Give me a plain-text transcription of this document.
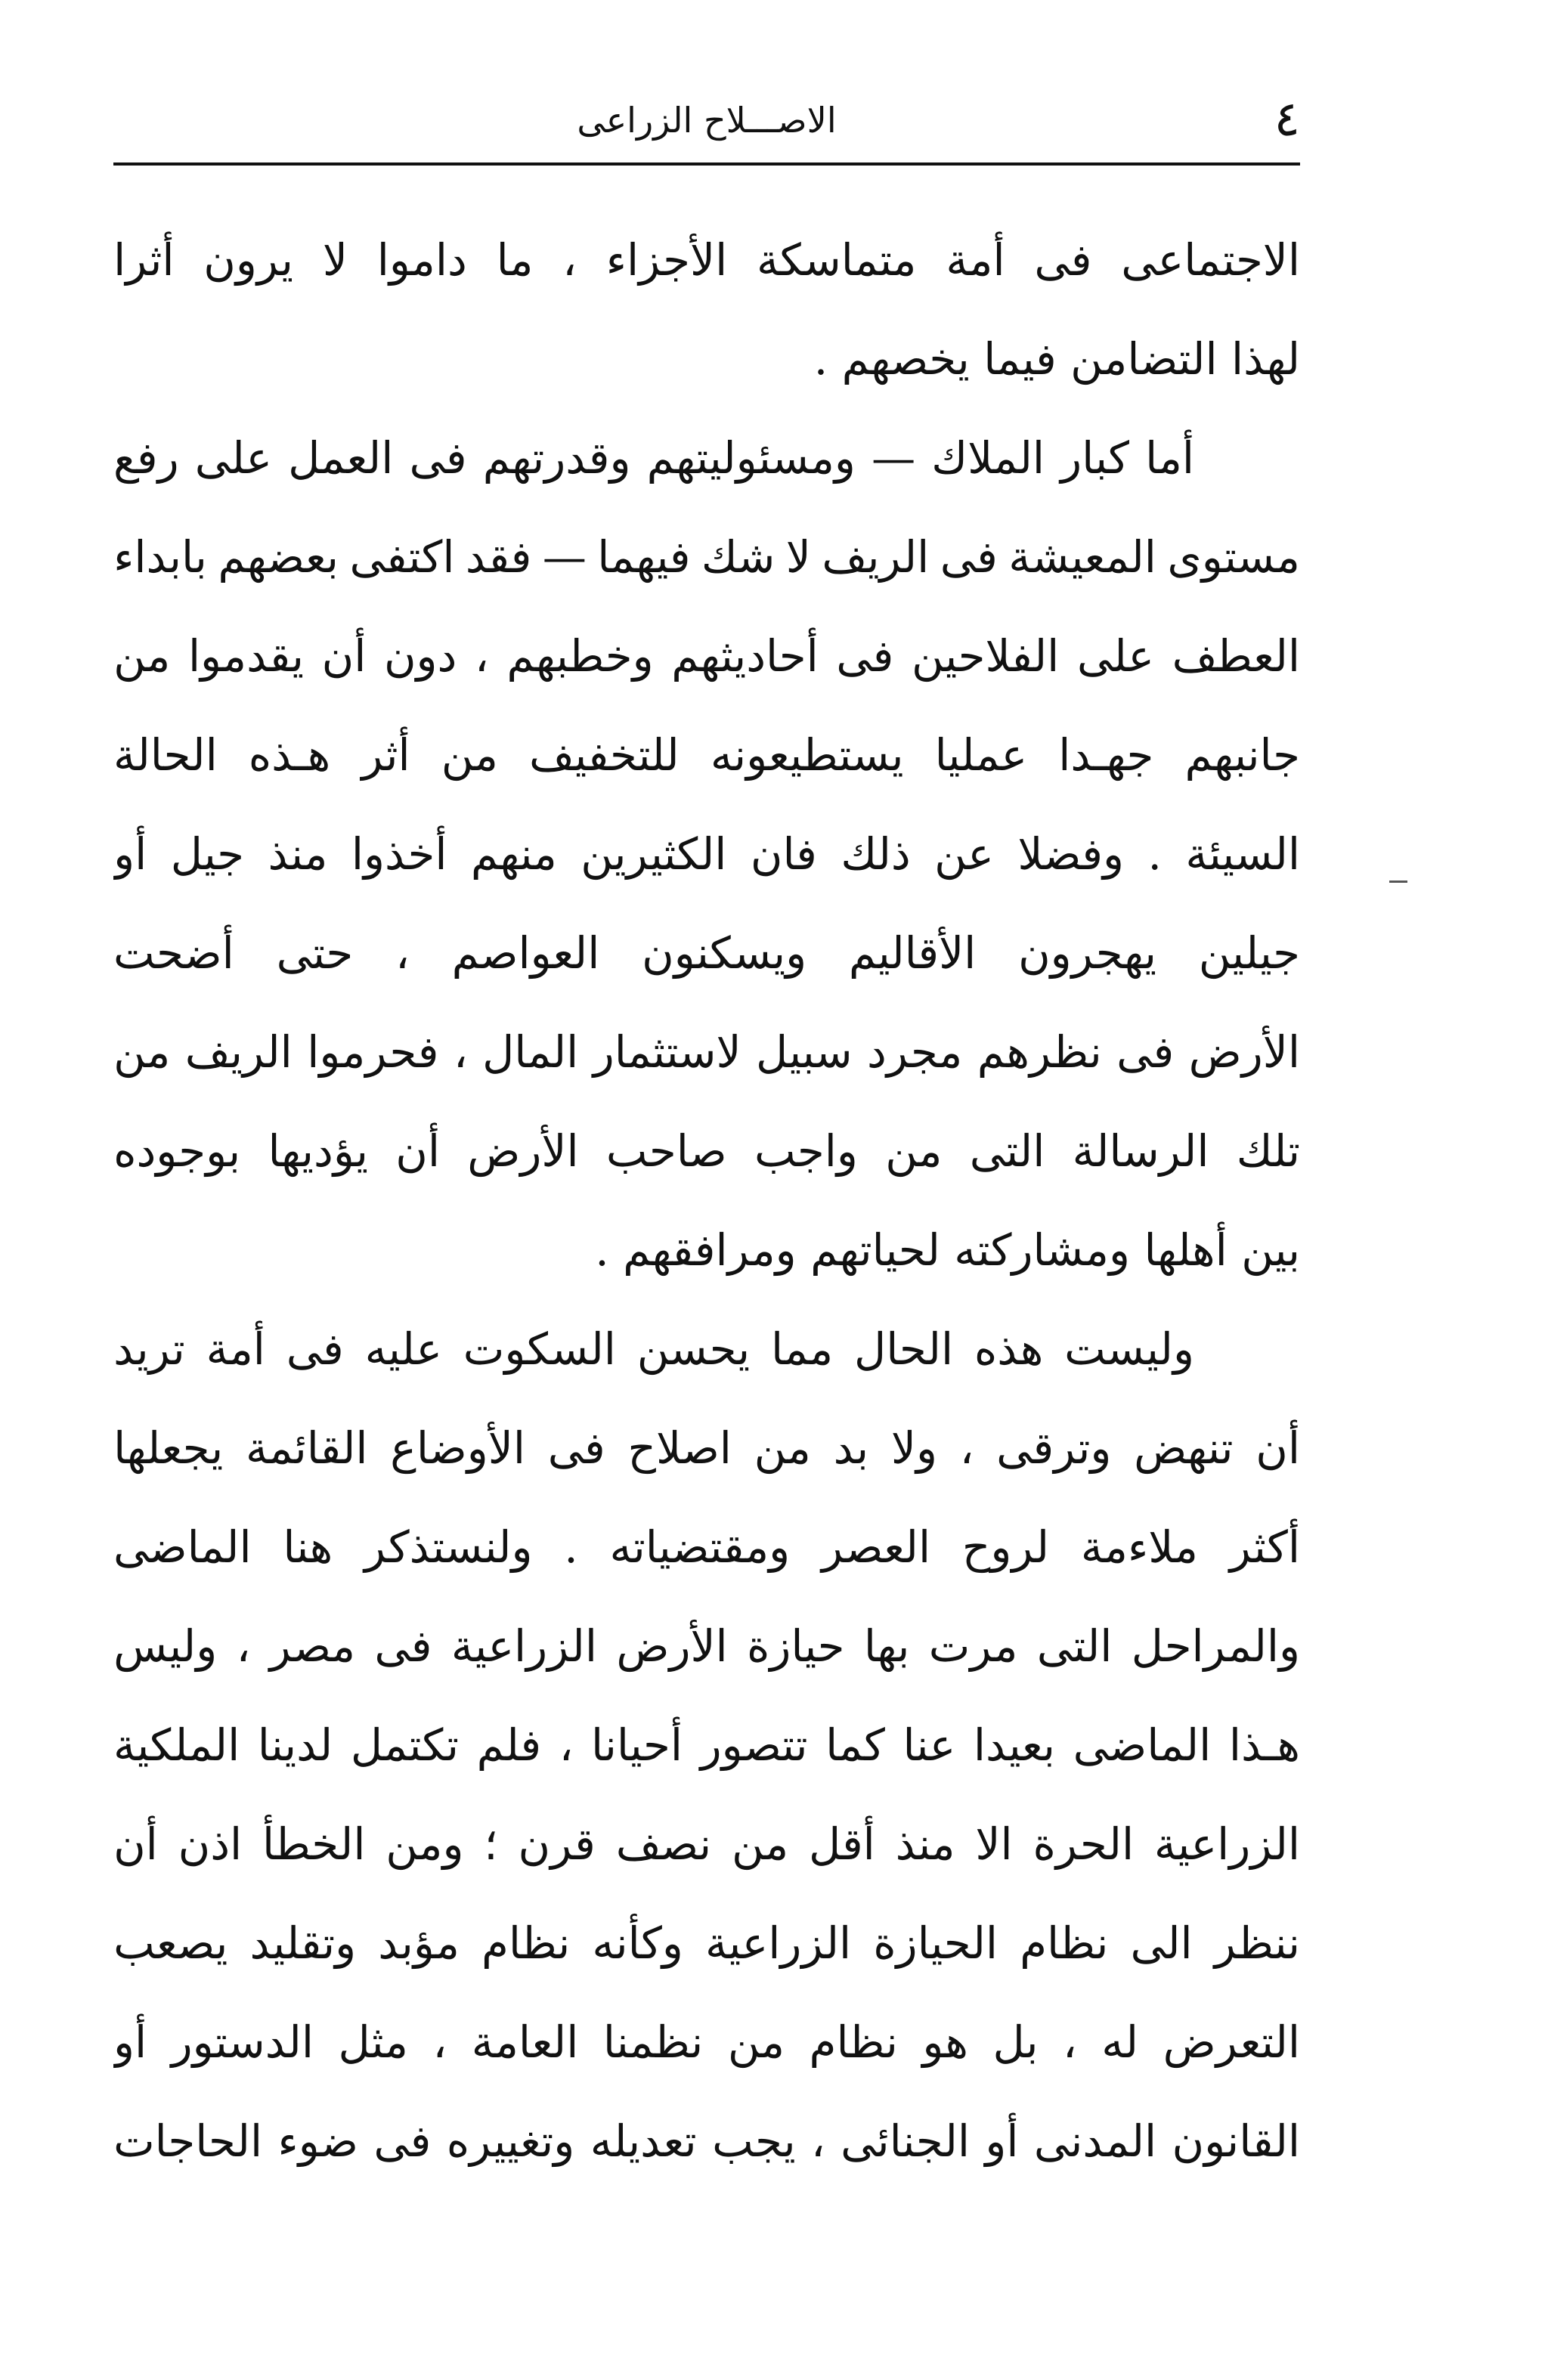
٤
الاصـــلاح الزراعى
الاجتماعى
فى
أمة
متماسكة
الأجزاء
،
ما
داموا
لا
يرون
أثرا
لهذا التضامن فيما يخصهم .
أما
كبار
الملاك
—
ومسئوليتهم
وقدرتهم
فى
العمل
على
رفع
مستوى
المعيشة
فى
الريف
لا
شك
فيهما
—
فقد
اكتفى
بعضهم
بابداء
العطف
على
الفلاحين
فى
أحاديثهم
وخطبهم
،
دون
أن
يقدموا
من
جانبهم
جهـدا
عمليا
يستطيعونه
للتخفيف
من
أثر
هـذه
الحالة
السيئة
.
وفضلا
عن
ذلك
فان
الكثيرين
منهم
أخذوا
منذ
جيل
أو
جيلين
يهجرون
الأقاليم
ويسكنون
العواصم
،
حتى
أضحت
الأرض
فى
نظرهم
مجرد
سبيل
لاستثمار
المال
،
فحرموا
الريف
من
تلك
الرسالة
التى
من
واجب
صاحب
الأرض
أن
يؤديها
بوجوده
بين أهلها ومشاركته لحياتهم ومرافقهم .
وليست
هذه
الحال
مما
يحسن
السكوت
عليه
فى
أمة
تريد
أن
تنهض
وترقى
،
ولا
بد
من
اصلاح
فى
الأوضاع
القائمة
يجعلها
أكثر
ملاءمة
لروح
العصر
ومقتضياته
.
ولنستذكر
هنا
الماضى
والمراحل
التى
مرت
بها
حيازة
الأرض
الزراعية
فى
مصر
،
وليس
هـذا
الماضى
بعيدا
عنا
كما
تتصور
أحيانا
،
فلم
تكتمل
لدينا
الملكية
الزراعية
الحرة
الا
منذ
أقل
من
نصف
قرن
؛
ومن
الخطأ
اذن
أن
ننظر
الى
نظام
الحيازة
الزراعية
وكأنه
نظام
مؤبد
وتقليد
يصعب
التعرض
له
،
بل
هو
نظام
من
نظمنا
العامة
،
مثل
الدستور
أو
القانون
المدنى
أو
الجنائى
،
يجب
تعديله
وتغييره
فى
ضوء
الحاجات
